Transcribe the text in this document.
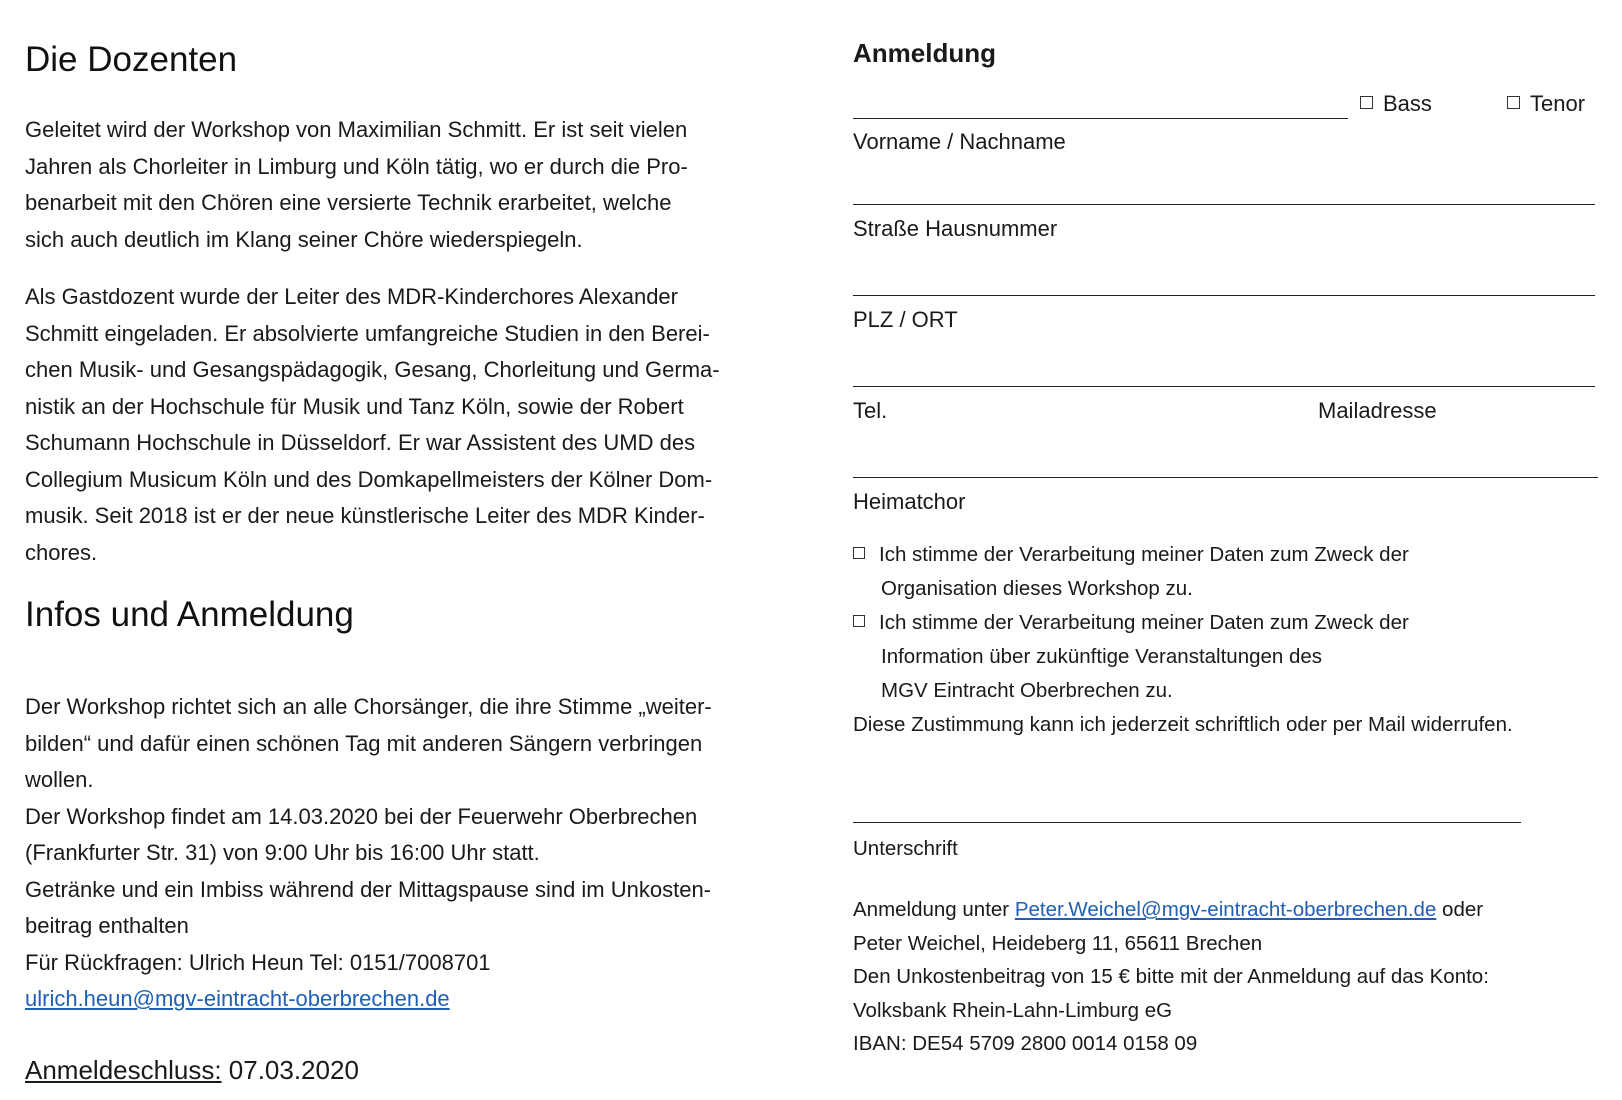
Die Dozenten

Geleitet wird der Workshop von Maximilian Schmitt. Er ist seit vielen
Jahren als Chorleiter in Limburg und Köln tätig, wo er durch die Pro-
benarbeit mit den Chören eine versierte Technik erarbeitet, welche
sich auch deutlich im Klang seiner Chöre wiederspiegeln.

Als Gastdozent wurde der Leiter des MDR-Kinderchores Alexander
Schmitt eingeladen. Er absolvierte umfangreiche Studien in den Berei-
chen Musik- und Gesangspädagogik, Gesang, Chorleitung und Germa-
nistik an der Hochschule für Musik und Tanz Köln, sowie der Robert
Schumann Hochschule in Düsseldorf. Er war Assistent des UMD des
Collegium Musicum Köln und des Domkapellmeisters der Kölner Dom-
musik. Seit 2018 ist er der neue künstlerische Leiter des MDR Kinder-
chores.

Infos und Anmeldung

Der Workshop richtet sich an alle Chorsänger, die ihre Stimme „weiter-
bilden“ und dafür einen schönen Tag mit anderen Sängern verbringen
wollen.
Der Workshop findet am 14.03.2020 bei der Feuerwehr Oberbrechen
(Frankfurter Str. 31) von 9:00 Uhr bis 16:00 Uhr statt.
Getränke und ein Imbiss während der Mittagspause sind im Unkosten-
beitrag enthalten
Für Rückfragen: Ulrich Heun Tel: 0151/7008701
ulrich.heun@mgv-eintracht-oberbrechen.de

Anmeldeschluss: 07.03.2020
Anmeldung
Bass	Tenor
Vorname / Nachname
Straße Hausnummer
PLZ / ORT
Tel.	Mailadresse
Heimatchor
Ich stimme der Verarbeitung meiner Daten zum Zweck der
Organisation dieses Workshop zu.
Ich stimme der Verarbeitung meiner Daten zum Zweck der
Information über zukünftige Veranstaltungen des
MGV Eintracht Oberbrechen zu.
Diese Zustimmung kann ich jederzeit schriftlich oder per Mail widerrufen.
Unterschrift
Anmeldung unter Peter.Weichel@mgv-eintracht-oberbrechen.de oder
Peter Weichel, Heideberg 11, 65611 Brechen
Den Unkostenbeitrag von 15 € bitte mit der Anmeldung auf das Konto:
Volksbank Rhein-Lahn-Limburg eG
IBAN: DE54 5709 2800 0014 0158 09
